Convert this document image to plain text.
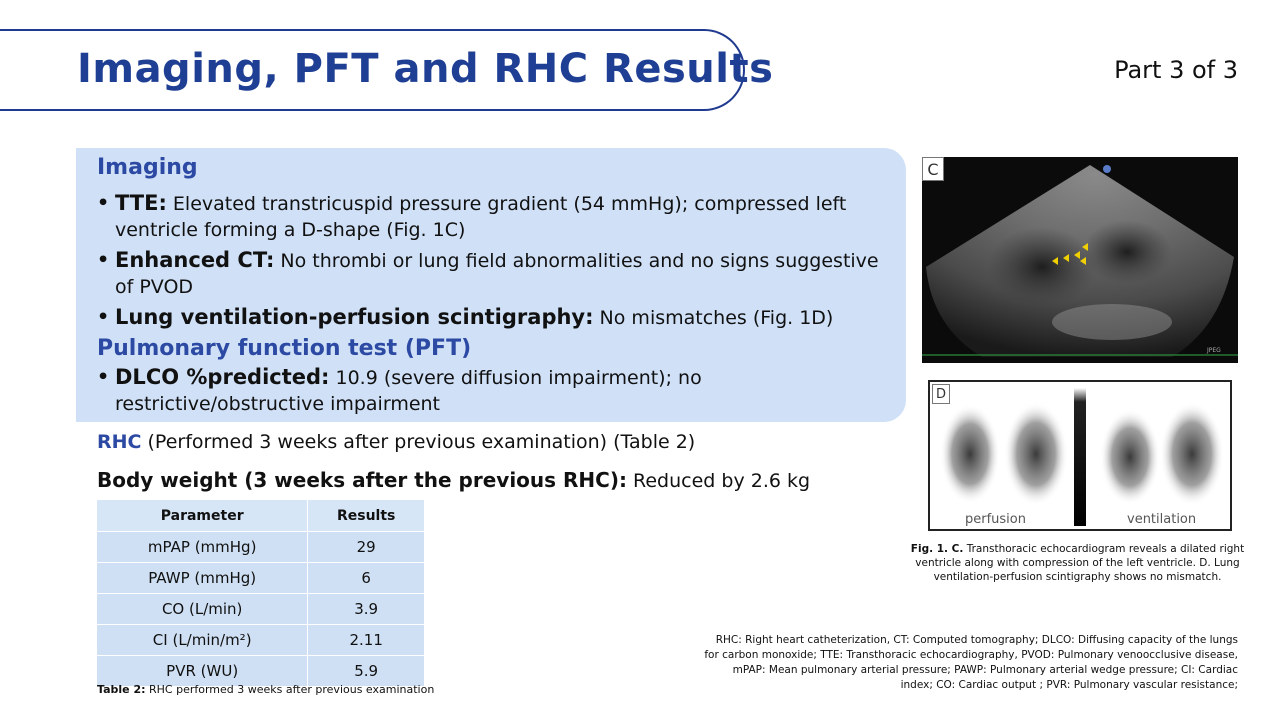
Imaging, PFT and RHC Results	Part 3 of 3
Imaging
• TTE: Elevated transtricuspid pressure gradient (54 mmHg); compressed left ventricle forming a D-shape (Fig. 1C)
• Enhanced CT: No thrombi or lung field abnormalities and no signs suggestive of PVOD
• Lung ventilation-perfusion scintigraphy: No mismatches (Fig. 1D)
Pulmonary function test (PFT)
• DLCO %predicted: 10.9 (severe diffusion impairment); no restrictive/obstructive impairment
RHC (Performed 3 weeks after previous examination) (Table 2)
Body weight (3 weeks after the previous RHC): Reduced by 2.6 kg
Parameter	Results
mPAP (mmHg)	29
PAWP (mmHg)	6
CO (L/min)	3.9
CI (L/min/m²)	2.11
PVR (WU)	5.9
Table 2: RHC performed 3 weeks after previous examination
JPEG
C
D
perfusion	ventilation
Fig. 1. C. Transthoracic echocardiogram reveals a dilated right ventricle along with compression of the left ventricle. D. Lung ventilation-perfusion scintigraphy shows no mismatch.
RHC: Right heart catheterization, CT: Computed tomography; DLCO: Diffusing capacity of the lungs for carbon monoxide; TTE: Transthoracic echocardiography, PVOD: Pulmonary venoocclusive disease, mPAP: Mean pulmonary arterial pressure; PAWP: Pulmonary arterial wedge pressure; CI: Cardiac index; CO: Cardiac output ; PVR: Pulmonary vascular resistance;
